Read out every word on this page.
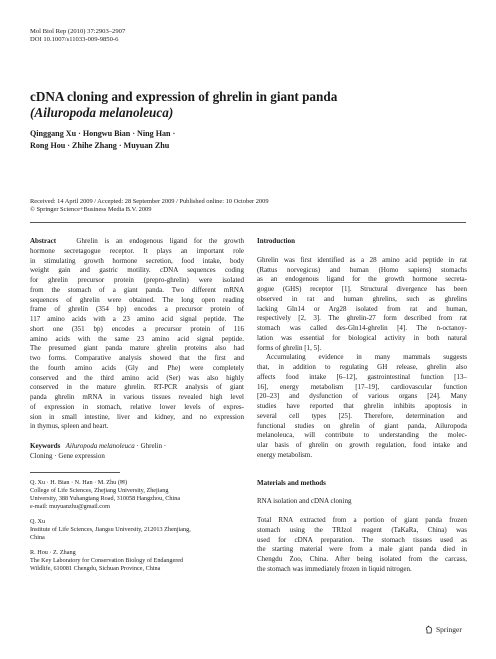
Mol Biol Rep (2010) 37:2903–2907
DOI 10.1007/s11033-009-9850-6
cDNA cloning and expression of ghrelin in giant panda
(Ailuropoda melanoleuca)
Qinggang Xu · Hongwu Bian · Ning Han ·
Rong Hou · Zhihe Zhang · Muyuan Zhu
Received: 14 April 2009 / Accepted: 28 September 2009 / Published online: 10 October 2009
© Springer Science+Business Media B.V. 2009
Abstract	Ghrelin is an endogenous ligand for the growth
hormone secretagogue receptor. It plays an important role
in stimulating growth hormone secretion, food intake, body
weight gain and gastric motility. cDNA sequences coding
for ghrelin precursor protein (prepro-ghrelin) were isolated
from the stomach of a giant panda. Two different mRNA
sequences of ghrelin were obtained. The long open reading
frame of ghrelin (354 bp) encodes a precursor protein of
117 amino acids with a 23 amino acid signal peptide. The
short one (351 bp) encodes a precursor protein of 116
amino acids with the same 23 amino acid signal peptide.
The presumed giant panda mature ghrelin proteins also had
two forms. Comparative analysis showed that the first and
the fourth amino acids (Gly and Phe) were completely
conserved and the third amino acid (Ser) was also highly
conserved in the mature ghrelin. RT-PCR analysis of giant
panda ghrelin mRNA in various tissues revealed high level
of expression in stomach, relative lower levels of expres-
sion in small intestine, liver and kidney, and no expression
in thymus, spleen and heart.
Keywords Ailuropoda melanoleuca · Ghrelin ·
Cloning · Gene expression
Q. Xu · H. Bian · N. Han · M. Zhu (✉)
College of Life Sciences, Zhejiang University, Zhejiang
University, 388 Yuhangtang Road, 310058 Hangzhou, China
e-mail: muyuanzhu@gmail.com
Q. Xu
Institute of Life Sciences, Jiangsu University, 212013 Zhenjiang,
China
R. Hou · Z. Zhang
The Key Laboratory for Conservation Biology of Endangered
Wildlife, 610081 Chengdu, Sichuan Province, China
Introduction
Ghrelin was first identified as a 28 amino acid peptide in rat
(Rattus norvegicus) and human (Homo sapiens) stomachs
as an endogenous ligand for the growth hormone secreta-
gogue (GHS) receptor [1]. Structural divergence has been
observed in rat and human ghrelins, such as ghrelins
lacking Gln14 or Arg28 isolated from rat and human,
respectively [2, 3]. The ghrelin-27 form described from rat
stomach was called des-Gln14-ghrelin [4]. The n-octanoy-
lation was essential for biological activity in both natural
forms of ghrelin [1, 5].
Accumulating evidence in many mammals suggests
that, in addition to regulating GH release, ghrelin also
affects food intake [6–12], gastrointestinal function [13–
16], energy metabolism [17–19], cardiovascular function
[20–23] and dysfunction of various organs [24]. Many
studies have reported that ghrelin inhibits apoptosis in
several cell types [25]. Therefore, determination and
functional studies on ghrelin of giant panda, Ailuropoda
melanoleuca, will contribute to understanding the molec-
ular basis of ghrelin on growth regulation, food intake and
energy metabolism.
Materials and methods
RNA isolation and cDNA cloning
Total RNA extracted from a portion of giant panda frozen
stomach using the TRIzol reagent (TaKaRa, China) was
used for cDNA preparation. The stomach tissues used as
the starting material were from a male giant panda died in
Chengdu Zoo, China. After being isolated from the carcass,
the stomach was immediately frozen in liquid nitrogen.
Springer
